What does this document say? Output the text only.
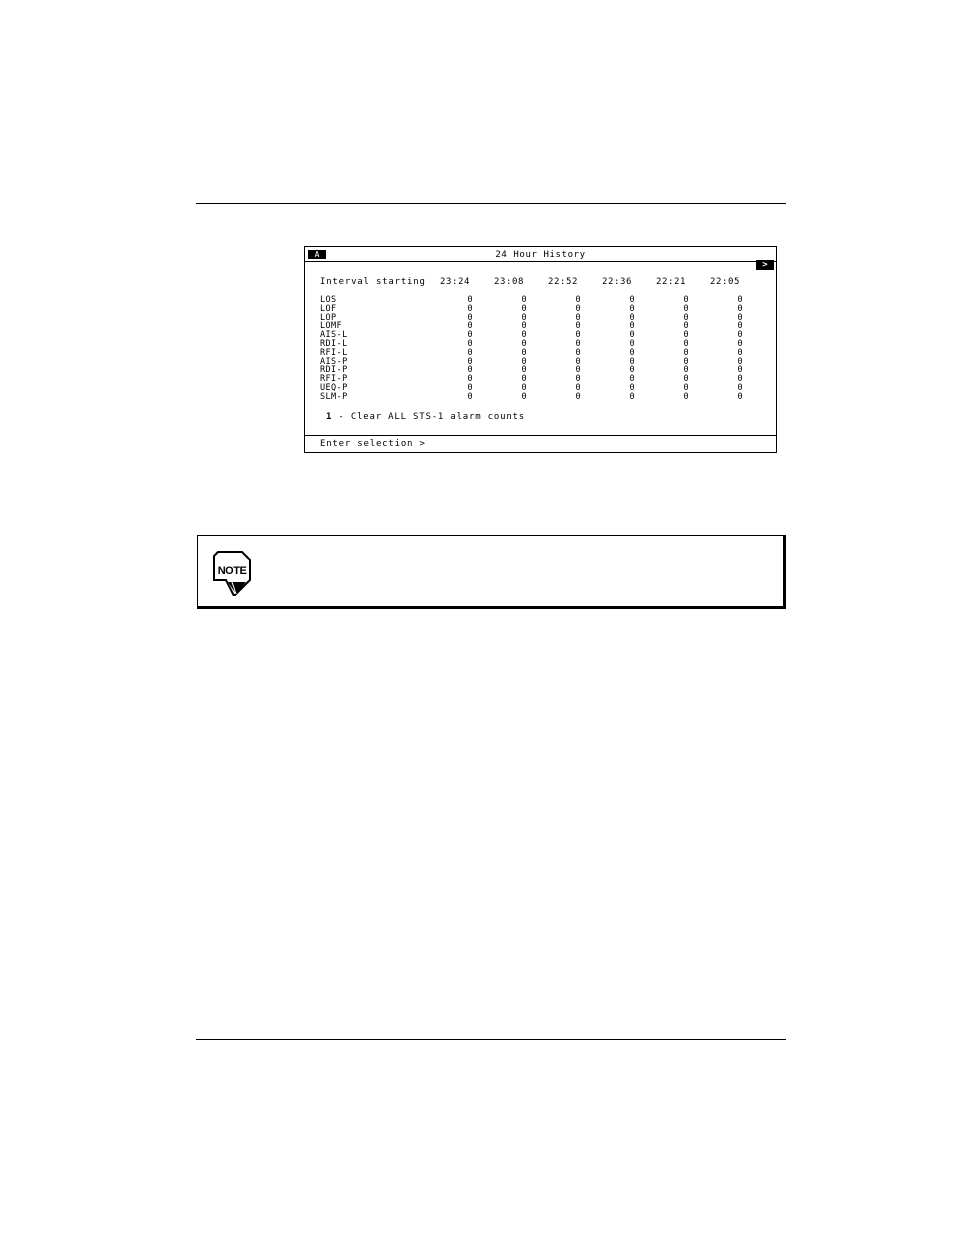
A	24 Hour History
>
Interval starting	23:24	23:08	22:52	22:36	22:21	22:05
LOS	0	0	0	0	0	0
LOF	0	0	0	0	0	0
LOP	0	0	0	0	0	0
LOMF	0	0	0	0	0	0
AIS-L	0	0	0	0	0	0
RDI-L	0	0	0	0	0	0
RFI-L	0	0	0	0	0	0
AIS-P	0	0	0	0	0	0
RDI-P	0	0	0	0	0	0
RFI-P	0	0	0	0	0	0
UEQ-P	0	0	0	0	0	0
SLM-P	0	0	0	0	0	0
1 - Clear ALL STS-1 alarm counts
Enter selection >
NOTE
